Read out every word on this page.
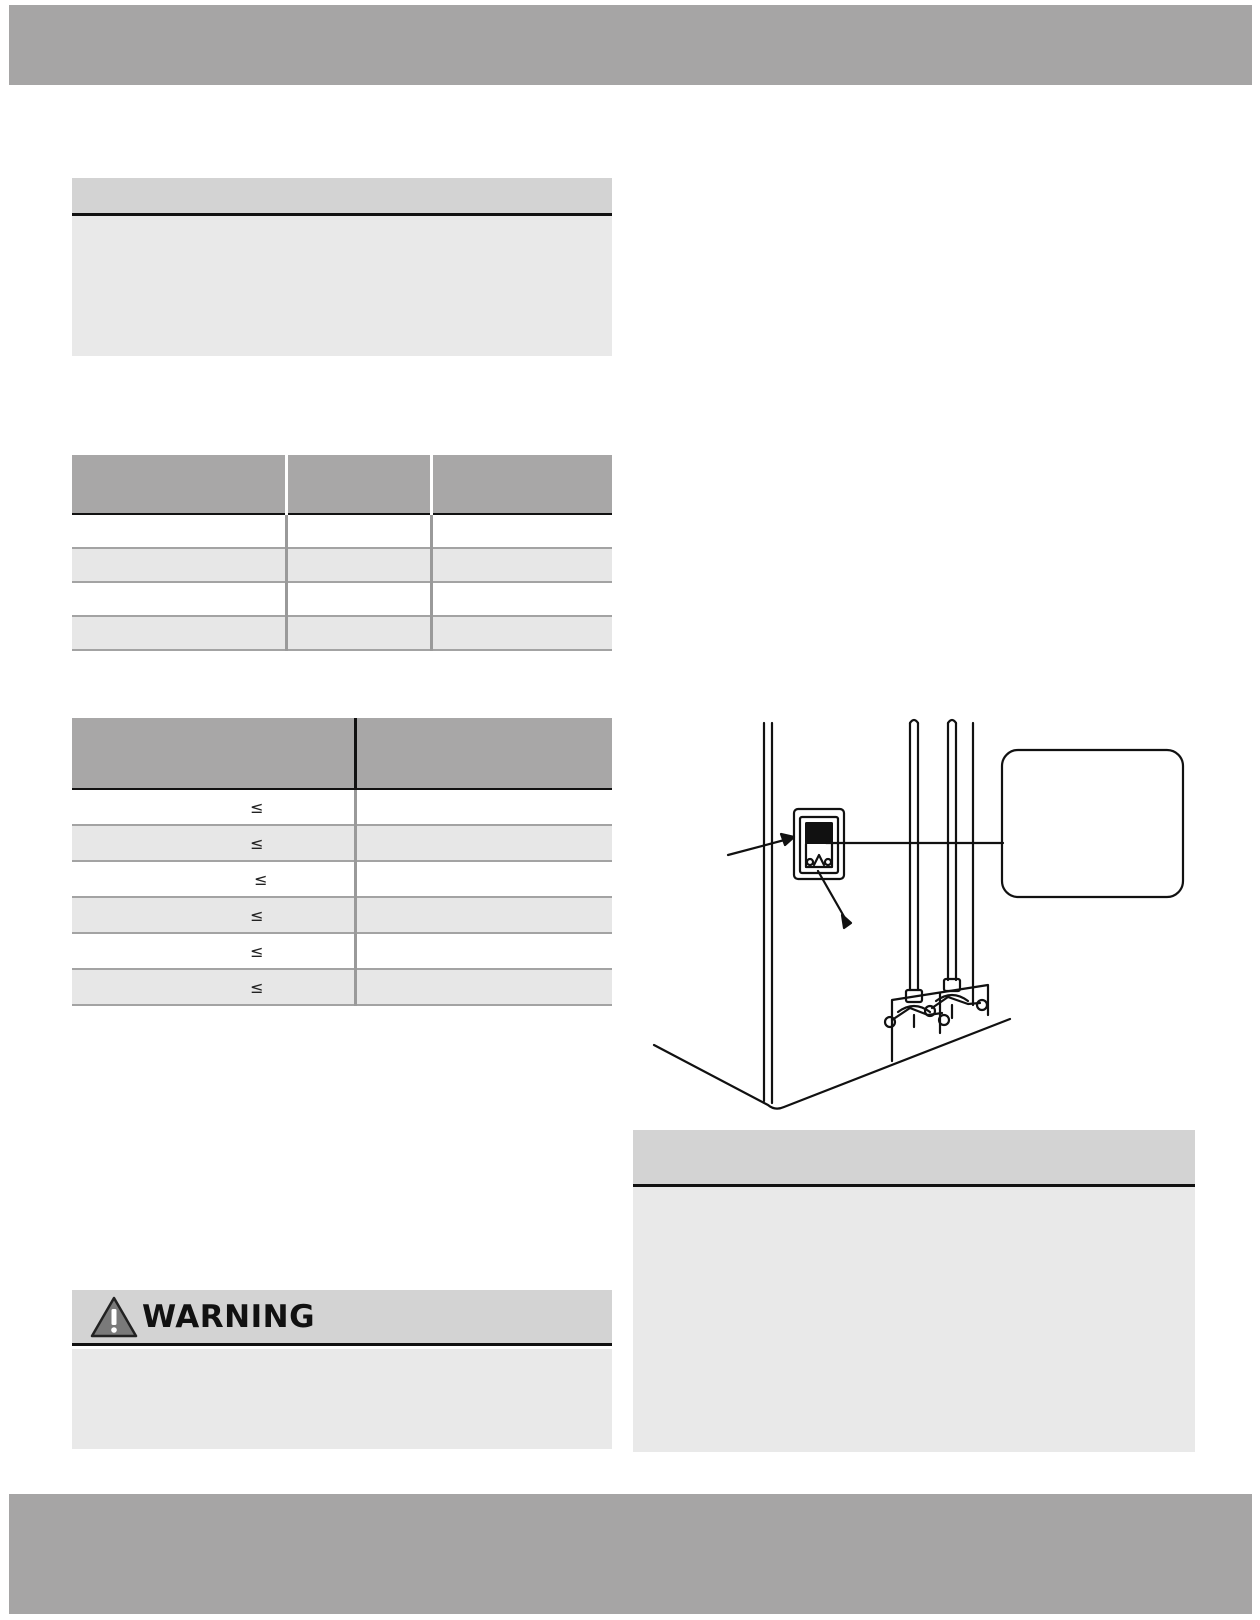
≤	
≤	
≤	
≤	
≤	
≤	
WARNING
